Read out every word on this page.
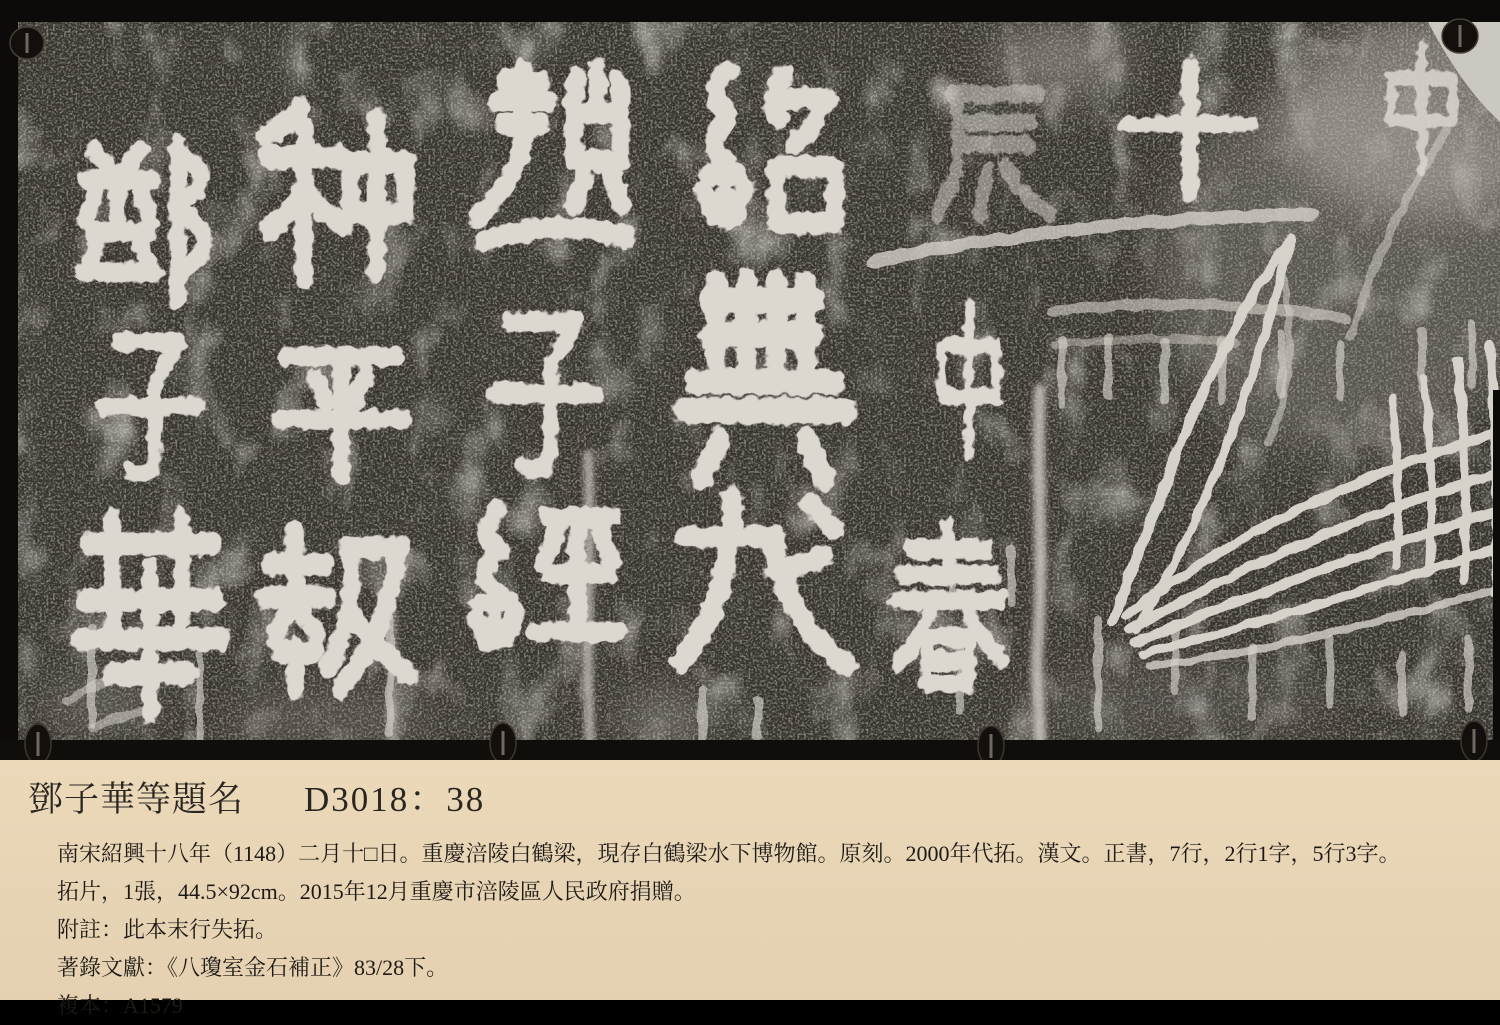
鄧子華等題名 D3018：38
南宋紹興十八年（1148）二月十□日。重慶涪陵白鶴梁，現存白鶴梁水下博物館。原刻。2000年代拓。漢文。正書，7行，2行1字，5行3字。
拓片，1張，44.5×92cm。2015年12月重慶市涪陵區人民政府捐贈。
附註：此本末行失拓。
著錄文獻：《八瓊室金石補正》83/28下。
複本：A1579
